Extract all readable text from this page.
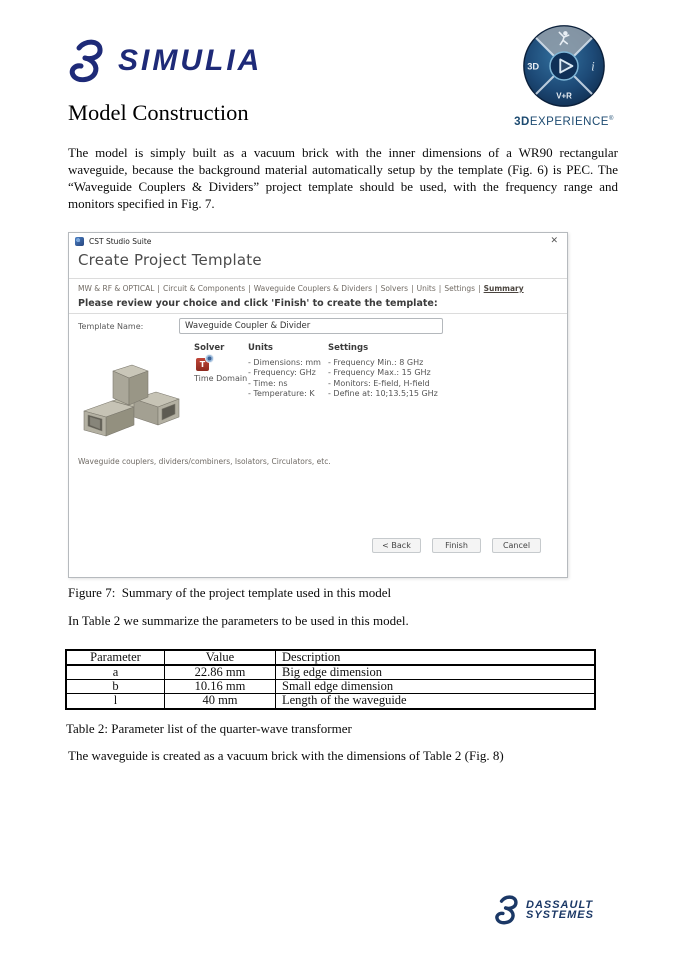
SIMULIA	3D	i
V+R
3DEXPERIENCE®
Model Construction

The model is simply built as a vacuum brick with the inner dimensions of a WR90 rectangular waveguide, because the background material automatically setup by the template (Fig. 6) is PEC. The “Waveguide Couplers & Dividers” project template should be used, with the frequency range and monitors specified in Fig. 7.

CST Studio Suite	✕
Create Project Template
MW & RF & OPTICAL | Circuit & Components | Waveguide Couplers & Dividers | Solvers | Units | Settings | Summary
Please review your choice and click 'Finish' to create the template:
Template Name:
Waveguide Coupler & Divider
Solver
T
Time Domain
Units
- Dimensions: mm
- Frequency: GHz
- Time: ns
- Temperature: K
Settings
- Frequency Min.: 8 GHz
- Frequency Max.: 15 GHz
- Monitors: E-field, H-field
- Define at: 10;13.5;15 GHz
Waveguide couplers, dividers/combiners, Isolators, Circulators, etc.
< Back	Finish	Cancel
Figure 7:  Summary of the project template used in this model

In Table 2 we summarize the parameters to be used in this model.

Parameter	Value	Description
a	22.86 mm	Big edge dimension
b	10.16 mm	Small edge dimension
l	40 mm	Length of the waveguide
Table 2: Parameter list of the quarter-wave transformer

The waveguide is created as a vacuum brick with the dimensions of Table 2 (Fig. 8)

DASSAULT
SYSTEMES
